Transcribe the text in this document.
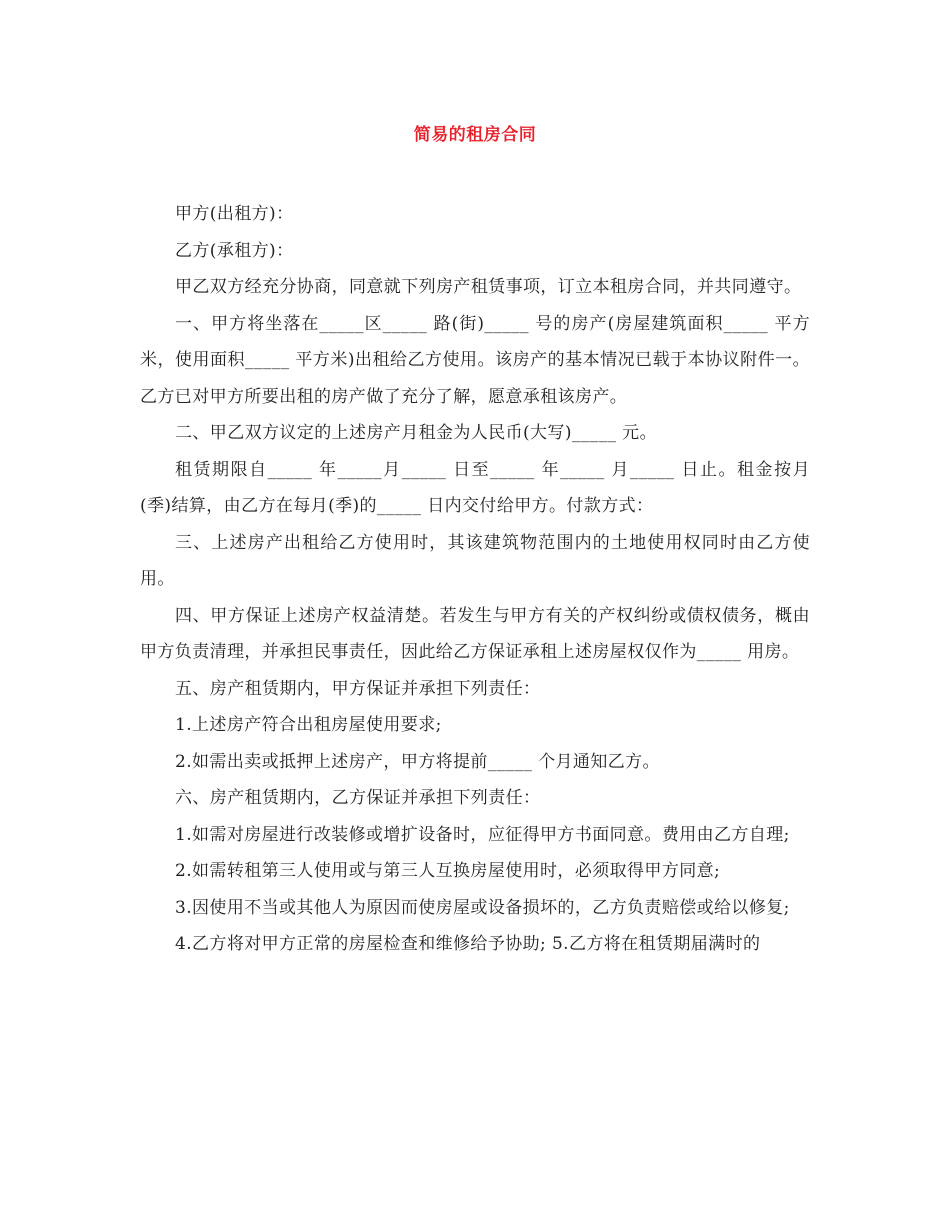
简易的租房合同

甲方(出租方)：

乙方(承租方)：

甲乙双方经充分协商，同意就下列房产租赁事项，订立本租房合同，并共同遵守。

一、甲方将坐落在_____区_____ 路(街)_____ 号的房产(房屋建筑面积_____ 平方米，使用面积_____ 平方米)出租给乙方使用。该房产的基本情况已载于本协议附件一。乙方已对甲方所要出租的房产做了充分了解，愿意承租该房产。

二、甲乙双方议定的上述房产月租金为人民币(大写)_____ 元。

租赁期限自_____ 年_____月_____ 日至_____ 年_____ 月_____ 日止。租金按月(季)结算，由乙方在每月(季)的_____ 日内交付给甲方。付款方式：

三、上述房产出租给乙方使用时，其该建筑物范围内的土地使用权同时由乙方使用。

四、甲方保证上述房产权益清楚。若发生与甲方有关的产权纠纷或债权债务，概由甲方负责清理，并承担民事责任，因此给乙方保证承租上述房屋权仅作为_____ 用房。

五、房产租赁期内，甲方保证并承担下列责任：

1.上述房产符合出租房屋使用要求;

2.如需出卖或抵押上述房产，甲方将提前_____ 个月通知乙方。

六、房产租赁期内，乙方保证并承担下列责任：

1.如需对房屋进行改装修或增扩设备时，应征得甲方书面同意。费用由乙方自理;

2.如需转租第三人使用或与第三人互换房屋使用时，必须取得甲方同意;

3.因使用不当或其他人为原因而使房屋或设备损坏的，乙方负责赔偿或给以修复;

4.乙方将对甲方正常的房屋检查和维修给予协助; 5.乙方将在租赁期届满时的
